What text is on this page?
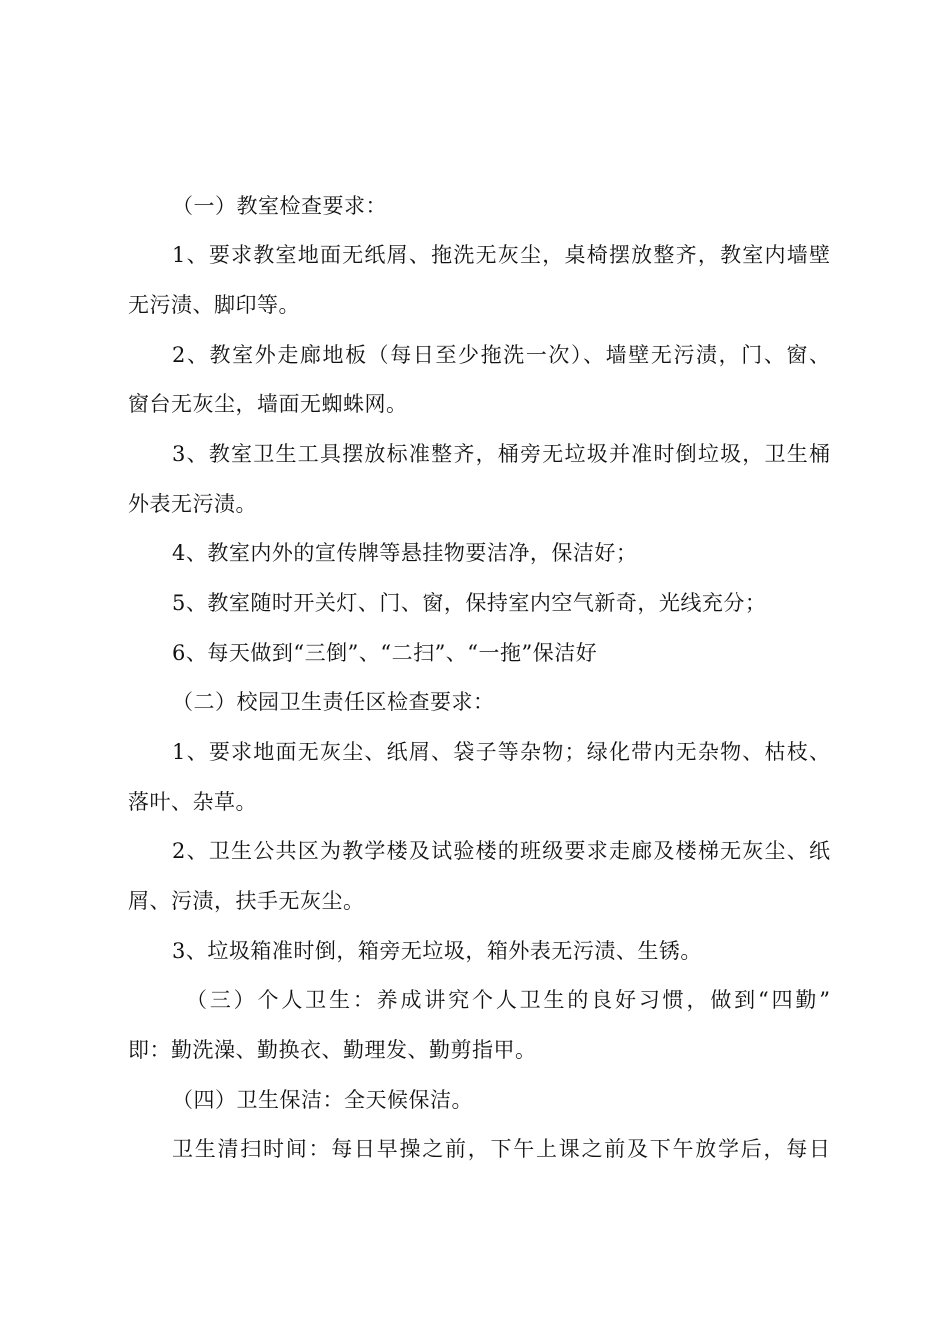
（一）教室检查要求：
1、要求教室地面无纸屑、拖洗无灰尘，桌椅摆放整齐，教室内墙壁
无污渍、脚印等。
2、教室外走廊地板（每日至少拖洗一次）、墙壁无污渍，门、窗、
窗台无灰尘，墙面无蜘蛛网。
3、教室卫生工具摆放标准整齐，桶旁无垃圾并准时倒垃圾，卫生桶
外表无污渍。
4、教室内外的宣传牌等悬挂物要洁净，保洁好；
5、教室随时开关灯、门、窗，保持室内空气新奇，光线充分；
6、每天做到“三倒”、“二扫”、“一拖”保洁好
（二）校园卫生责任区检查要求：
1、要求地面无灰尘、纸屑、袋子等杂物；绿化带内无杂物、枯枝、
落叶、杂草。
2、卫生公共区为教学楼及试验楼的班级要求走廊及楼梯无灰尘、纸
屑、污渍，扶手无灰尘。
3、垃圾箱准时倒，箱旁无垃圾，箱外表无污渍、生锈。
（三）个人卫生：养成讲究个人卫生的良好习惯，做到“四勤”
即：勤洗澡、勤换衣、勤理发、勤剪指甲。
（四）卫生保洁：全天候保洁。
卫生清扫时间：每日早操之前，下午上课之前及下午放学后，每日
